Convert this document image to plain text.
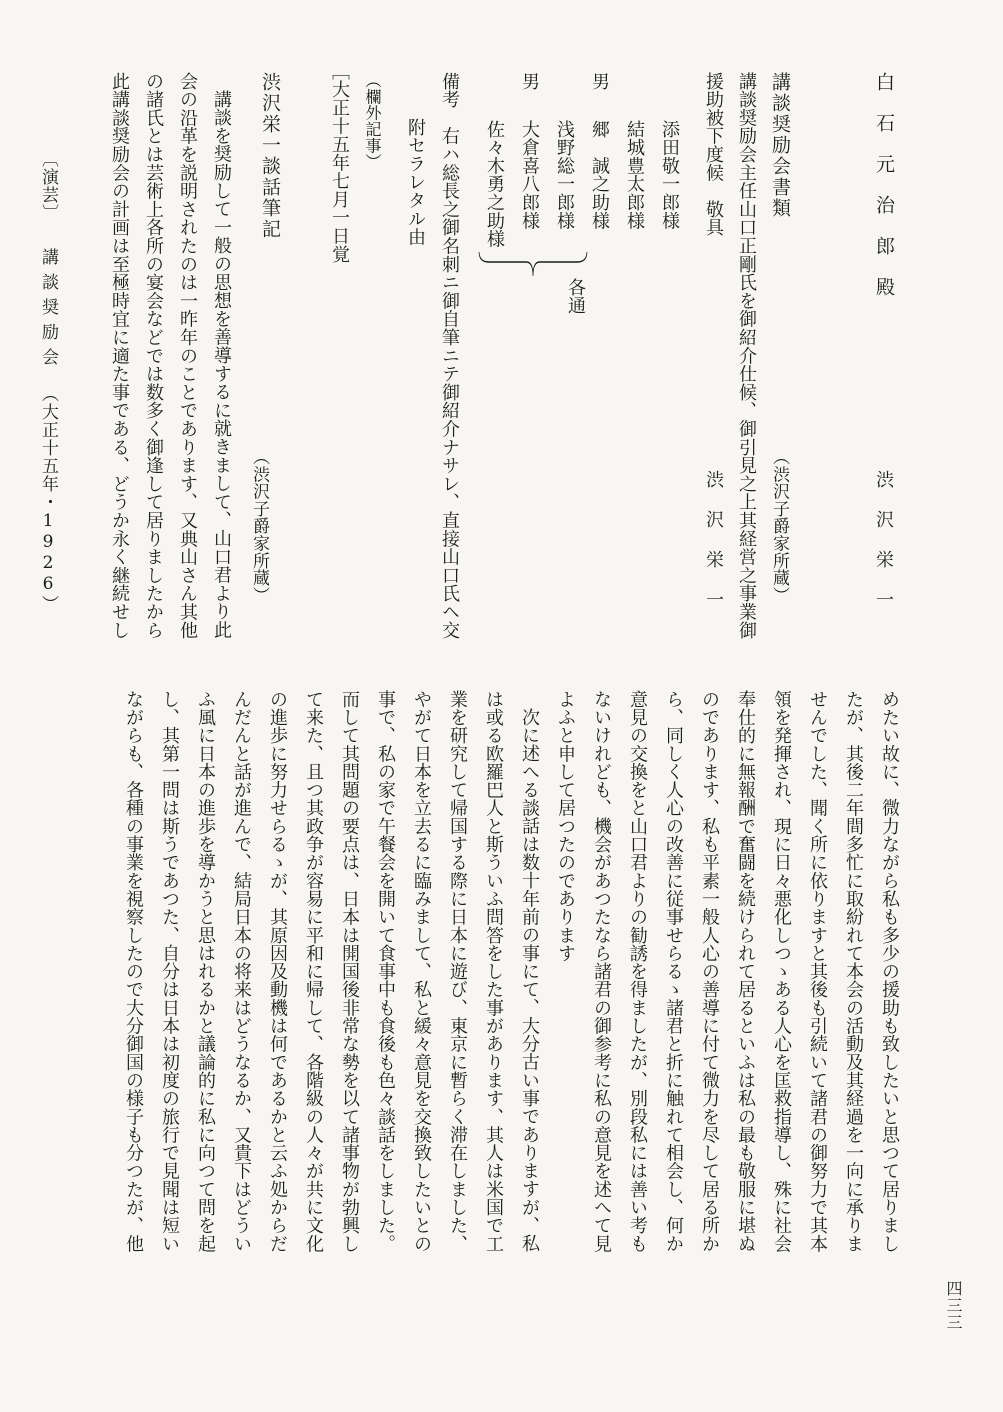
白石元治郎殿
渋沢栄一
講談奨励会書類
（渋沢子爵家所蔵）
講談奨励会主任山口正剛氏を御紹介仕候、御引見之上其経営之事業御
援助被下度候　敬具
渋沢栄一
添田敬一郎様
結城豊太郎様
男
郷　誠之助様
浅野総一郎様
男
大倉喜八郎様
佐々木勇之助様
各通
備考　右ハ総長之御名刺ニ御自筆ニテ御紹介ナサレ、直接山口氏ヘ交
附セラレタル由
（欄外記事）
［大正十五年七月一日覚
渋沢栄一談話筆記
（渋沢子爵家所蔵）
講談を奨励して一般の思想を善導するに就きまして、山口君より此
会の沿革を説明されたのは一昨年のことであります、又典山さん其他
の諸氏とは芸術上各所の宴会などでは数多く御逢して居りましたから
此講談奨励会の計画は至極時宜に適た事である、どうか永く継続せし
めたい故に、微力ながら私も多少の援助も致したいと思つて居りまし
たが、其後二年間多忙に取紛れて本会の活動及其経過を一向に承りま
せんでした、聞く所に依りますと其後も引続いて諸君の御努力で其本
領を発揮され、現に日々悪化しつゝある人心を匡救指導し、殊に社会
奉仕的に無報酬で奮闘を続けられて居るといふは私の最も敬服に堪ぬ
のであります、私も平素一般人心の善導に付て微力を尽して居る所か
ら、同しく人心の改善に従事せらるゝ諸君と折に触れて相会し、何か
意見の交換をと山口君よりの勧誘を得ましたが、別段私には善い考も
ないけれども、機会があつたなら諸君の御参考に私の意見を述へて見
よふと申して居つたのであります
次に述へる談話は数十年前の事にて、大分古い事でありますが、私
は或る欧羅巴人と斯ういふ問答をした事があります、其人は米国で工
業を研究して帰国する際に日本に遊び、東京に暫らく滞在しました、
やがて日本を立去るに臨みまして、私と緩々意見を交換致したいとの
事で、私の家で午餐会を開いて食事中も食後も色々談話をしました。
而して其問題の要点は、日本は開国後非常な勢を以て諸事物が勃興し
て来た、且つ其政争が容易に平和に帰して、各階級の人々が共に文化
の進歩に努力せらるゝが、其原因及動機は何であるかと云ふ処からだ
んだんと話が進んで、結局日本の将来はどうなるか、又貴下はどうい
ふ風に日本の進歩を導かうと思はれるかと議論的に私に向つて問を起
し、其第一問は斯うであつた、自分は日本は初度の旅行で見聞は短い
ながらも、各種の事業を視察したので大分御国の様子も分つたが、他
〔演芸〕講談奨励会（大正十五年・1926）
四三三
